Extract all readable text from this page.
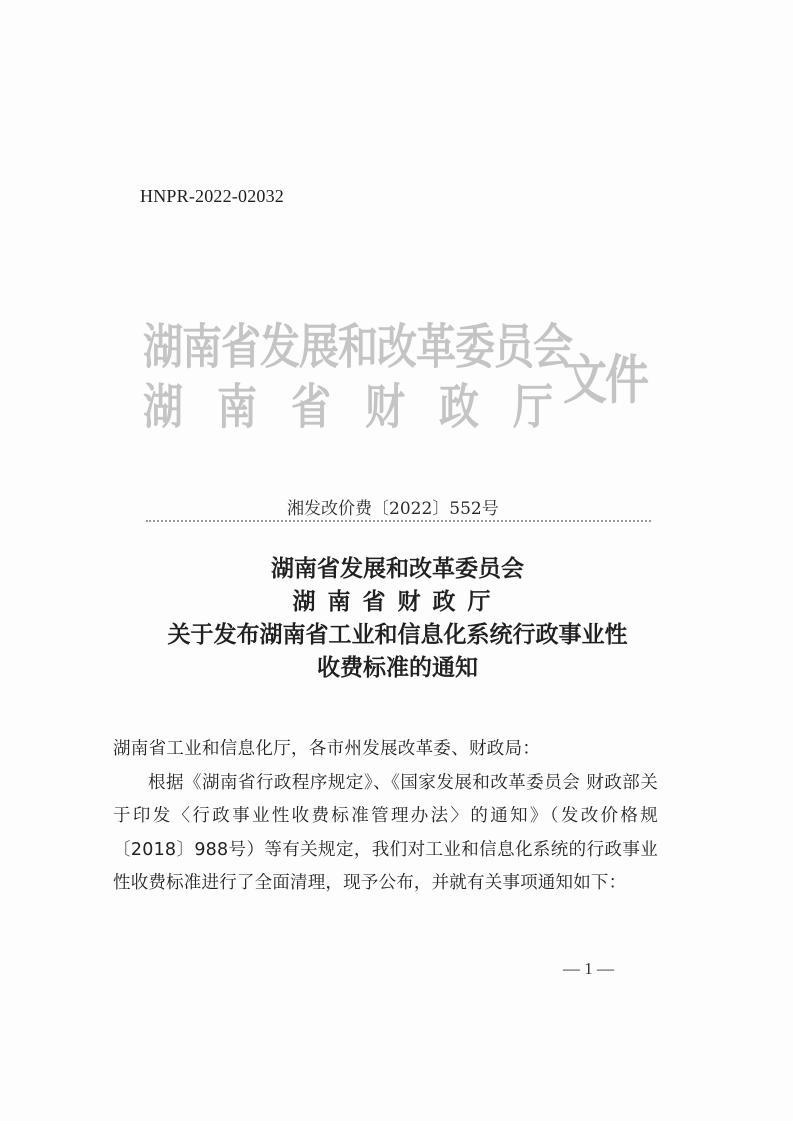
HNPR-2022-02032
湖南省发展和改革委员会
湖南省财政厅
文件
湘发改价费〔2022〕552号
湖南省发展和改革委员会
湖南省财政厅
关于发布湖南省工业和信息化系统行政事业性
收费标准的通知

湖南省工业和信息化厅，各市州发展改革委、财政局：

根据《湖南省行政程序规定》、《国家发展和改革委员会 财政部关于印发〈行政事业性收费标准管理办法〉的通知》（发改价格规〔2018〕988号）等有关规定，我们对工业和信息化系统的行政事业性收费标准进行了全面清理，现予公布，并就有关事项通知如下：

— 1 —
